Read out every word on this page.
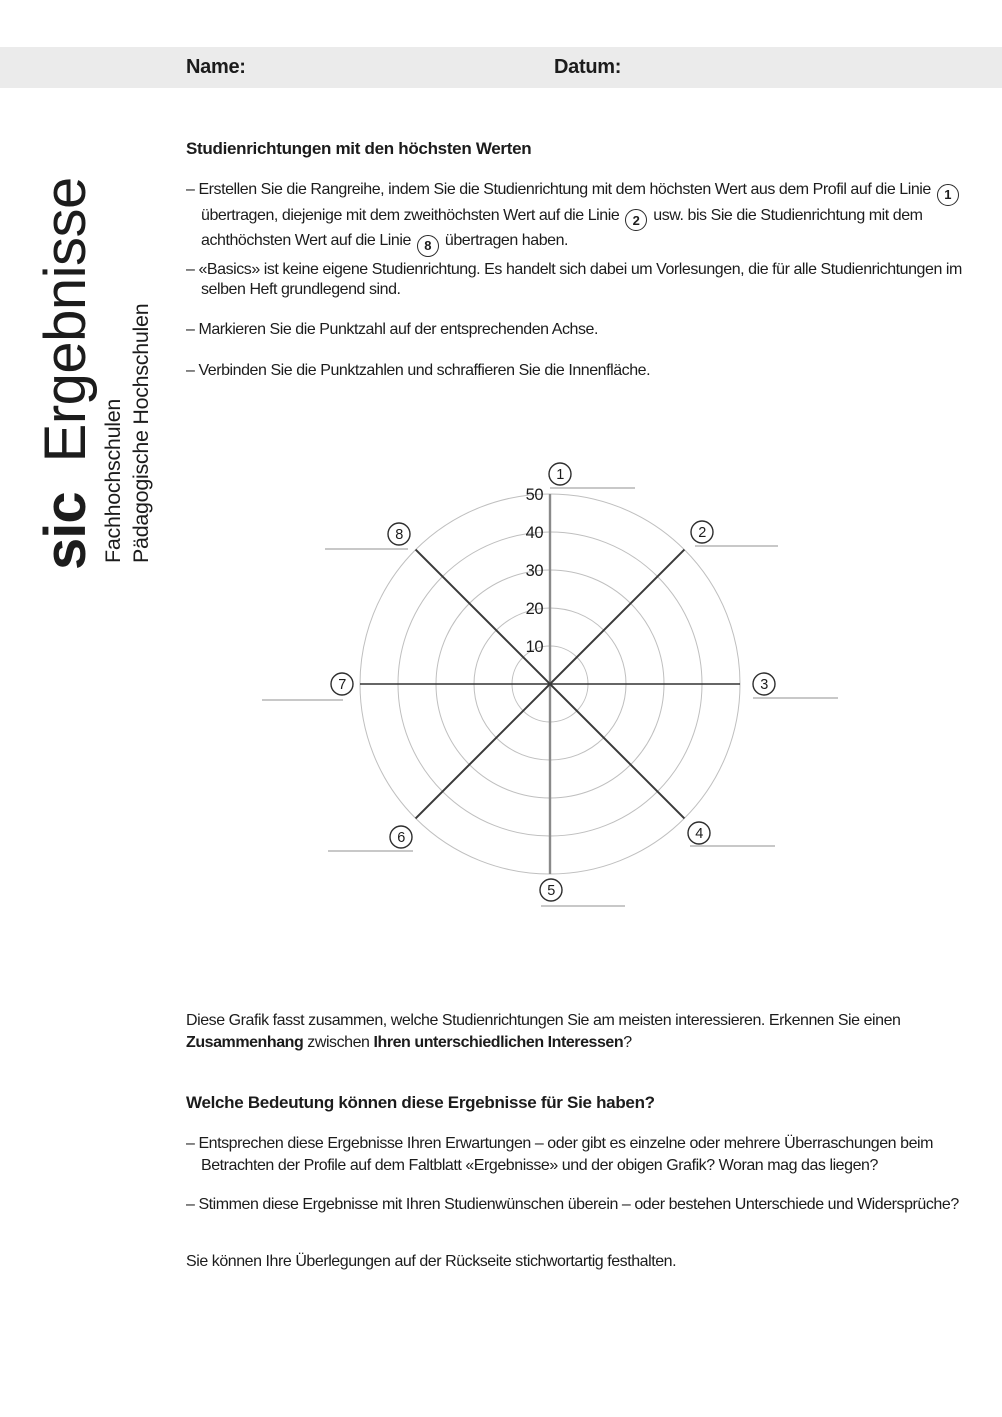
Name:	Datum:
sicErgebnisse
Fachhochschulen Pädagogische Hochschulen
Studienrichtungen mit den höchsten Werten
– Erstellen Sie die Rangreihe, indem Sie die Studienrichtung mit dem höchsten Wert aus dem Profil auf die Linie 1 übertragen, diejenige mit dem zweithöchsten Wert auf die Linie 2 usw. bis Sie die Studienrichtung mit dem achthöchsten Wert auf die Linie 8 übertragen haben.
– «Basics» ist keine eigene Studienrichtung. Es handelt sich dabei um Vorlesungen, die für alle Studienrichtungen im selben Heft grundlegend sind.
– Markieren Sie die Punktzahl auf der entsprechenden Achse.
– Verbinden Sie die Punktzahlen und schraffieren Sie die Innenfläche.
50
40
30
20
10
1
2
3
4
5
6
7
8
Diese Grafik fasst zusammen, welche Studienrichtungen Sie am meisten interessieren. Erkennen Sie einen Zusammenhang zwischen Ihren unterschiedlichen Interessen?
Welche Bedeutung können diese Ergebnisse für Sie haben?
– Entsprechen diese Ergebnisse Ihren Erwartungen – oder gibt es einzelne oder mehrere Überraschungen beim Betrachten der Profile auf dem Faltblatt «Ergebnisse» und der obigen Grafik? Woran mag das liegen?
– Stimmen diese Ergebnisse mit Ihren Studienwünschen überein – oder bestehen Unterschiede und Widersprüche?
Sie können Ihre Überlegungen auf der Rückseite stichwortartig festhalten.
